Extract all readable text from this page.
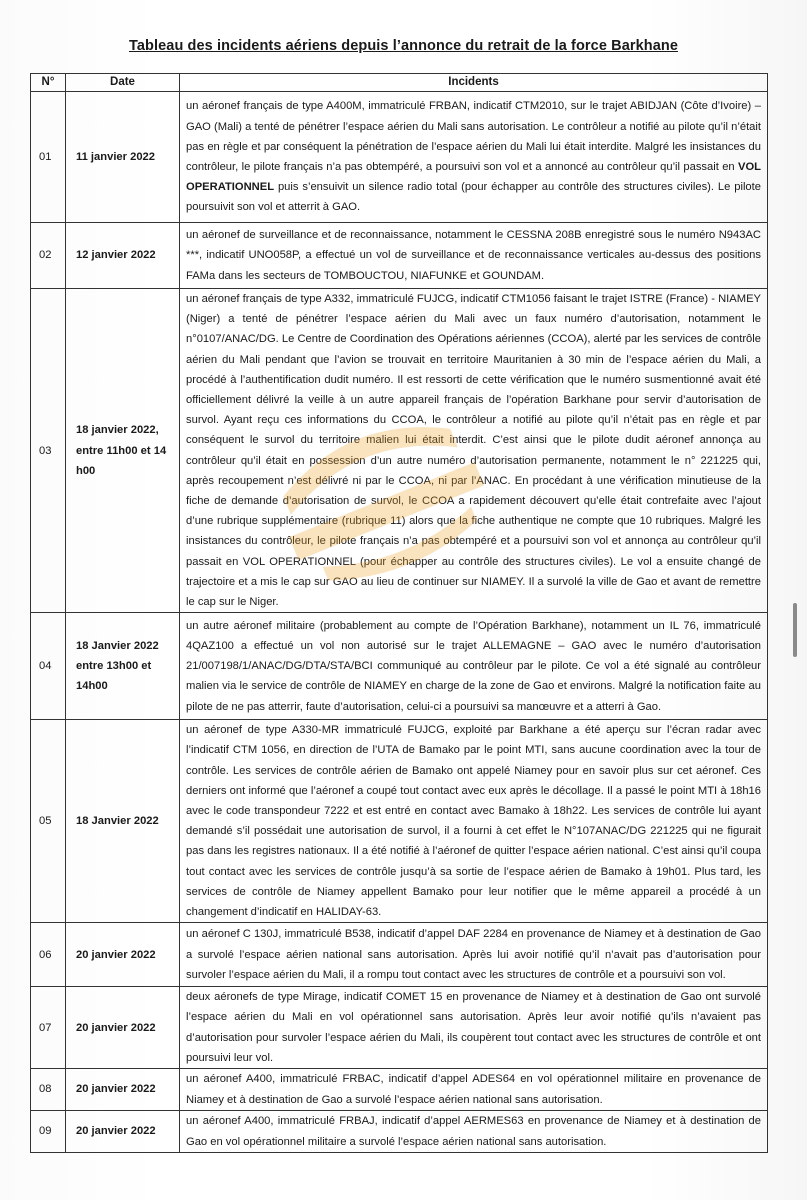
Tableau des incidents aériens depuis l’annonce du retrait de la force Barkhane
N°	Date	Incidents
01	11 janvier 2022	un aéronef français de type A400M, immatriculé FRBAN, indicatif CTM2010, sur le trajet ABIDJAN (Côte d’Ivoire) – GAO (Mali) a tenté de pénétrer l’espace aérien du Mali sans autorisation. Le contrôleur a notifié au pilote qu’il n’était pas en règle et par conséquent la pénétration de l’espace aérien du Mali lui était interdite. Malgré les insistances du contrôleur, le pilote français n’a pas obtempéré, a poursuivi son vol et a annoncé au contrôleur qu’il passait en VOL OPERATIONNEL puis s’ensuivit un silence radio total (pour échapper au contrôle des structures civiles). Le pilote poursuivit son vol et atterrit à GAO.
02	12 janvier 2022	un aéronef de surveillance et de reconnaissance, notamment le CESSNA 208B enregistré sous le numéro N943AC ***, indicatif UNO058P, a effectué un vol de surveillance et de reconnaissance verticales au-dessus des positions FAMa dans les secteurs de TOMBOUCTOU, NIAFUNKE et GOUNDAM.
03	18 janvier 2022, entre 11h00 et 14 h00	un aéronef français de type A332, immatriculé FUJCG, indicatif CTM1056 faisant le trajet ISTRE (France) - NIAMEY (Niger) a tenté de pénétrer l’espace aérien du Mali avec un faux numéro d’autorisation, notamment le n°0107/ANAC/DG. Le Centre de Coordination des Opérations aériennes (CCOA), alerté par les services de contrôle aérien du Mali pendant que l’avion se trouvait en territoire Mauritanien à 30 min de l’espace aérien du Mali, a procédé à l’authentification dudit numéro. Il est ressorti de cette vérification que le numéro susmentionné avait été officiellement délivré la veille à un autre appareil français de l’opération Barkhane pour servir d’autorisation de survol. Ayant reçu ces informations du CCOA, le contrôleur a notifié au pilote qu’il n’était pas en règle et par conséquent le survol du territoire malien lui était interdit. C’est ainsi que le pilote dudit aéronef annonça au contrôleur qu’il était en possession d’un autre numéro d’autorisation permanente, notamment le n° 221225 qui, après recoupement n’est délivré ni par le CCOA, ni par l’ANAC. En procédant à une vérification minutieuse de la fiche de demande d’autorisation de survol, le CCOA a rapidement découvert qu’elle était contrefaite avec l’ajout d’une rubrique supplémentaire (rubrique 11) alors que la fiche authentique ne compte que 10 rubriques. Malgré les insistances du contrôleur, le pilote français n’a pas obtempéré et a poursuivi son vol et annonça au contrôleur qu’il passait en VOL OPERATIONNEL (pour échapper au contrôle des structures civiles). Le vol a ensuite changé de trajectoire et a mis le cap sur GAO au lieu de continuer sur NIAMEY. Il a survolé la ville de Gao et avant de remettre le cap sur le Niger.
04	18 Janvier 2022 entre 13h00 et 14h00	un autre aéronef militaire (probablement au compte de l’Opération Barkhane), notamment un IL 76, immatriculé 4QAZ100 a effectué un vol non autorisé sur le trajet ALLEMAGNE – GAO avec le numéro d’autorisation 21/007198/1/ANAC/DG/DTA/STA/BCI communiqué au contrôleur par le pilote. Ce vol a été signalé au contrôleur malien via le service de contrôle de NIAMEY en charge de la zone de Gao et environs. Malgré la notification faite au pilote de ne pas atterrir, faute d’autorisation, celui-ci a poursuivi sa manœuvre et a atterri à Gao.
05	18 Janvier 2022	un aéronef de type A330-MR immatriculé FUJCG, exploité par Barkhane a été aperçu sur l’écran radar avec l’indicatif CTM 1056, en direction de l’UTA de Bamako par le point MTI, sans aucune coordination avec la tour de contrôle. Les services de contrôle aérien de Bamako ont appelé Niamey pour en savoir plus sur cet aéronef. Ces derniers ont informé que l’aéronef a coupé tout contact avec eux après le décollage. Il a passé le point MTI à 18h16 avec le code transpondeur 7222 et est entré en contact avec Bamako à 18h22. Les services de contrôle lui ayant demandé s’il possédait une autorisation de survol, il a fourni à cet effet le N°107ANAC/DG 221225 qui ne figurait pas dans les registres nationaux. Il a été notifié à l’aéronef de quitter l’espace aérien national. C’est ainsi qu’il coupa tout contact avec les services de contrôle jusqu’à sa sortie de l’espace aérien de Bamako à 19h01. Plus tard, les services de contrôle de Niamey appellent Bamako pour leur notifier que le même appareil a procédé à un changement d’indicatif en HALIDAY-63.
06	20 janvier 2022	un aéronef C 130J, immatriculé B538, indicatif d’appel DAF 2284 en provenance de Niamey et à destination de Gao a survolé l’espace aérien national sans autorisation. Après lui avoir notifié qu’il n’avait pas d’autorisation pour survoler l’espace aérien du Mali, il a rompu tout contact avec les structures de contrôle et a poursuivi son vol.
07	20 janvier 2022	deux aéronefs de type Mirage, indicatif COMET 15 en provenance de Niamey et à destination de Gao ont survolé l’espace aérien du Mali en vol opérationnel sans autorisation. Après leur avoir notifié qu’ils n’avaient pas d’autorisation pour survoler l’espace aérien du Mali, ils coupèrent tout contact avec les structures de contrôle et ont poursuivi leur vol.
08	20 janvier 2022	un aéronef A400, immatriculé FRBAC, indicatif d’appel ADES64 en vol opérationnel militaire en provenance de Niamey et à destination de Gao a survolé l’espace aérien national sans autorisation.
09	20 janvier 2022	un aéronef A400, immatriculé FRBAJ, indicatif d’appel AERMES63 en provenance de Niamey et à destination de Gao en vol opérationnel militaire a survolé l’espace aérien national sans autorisation.
